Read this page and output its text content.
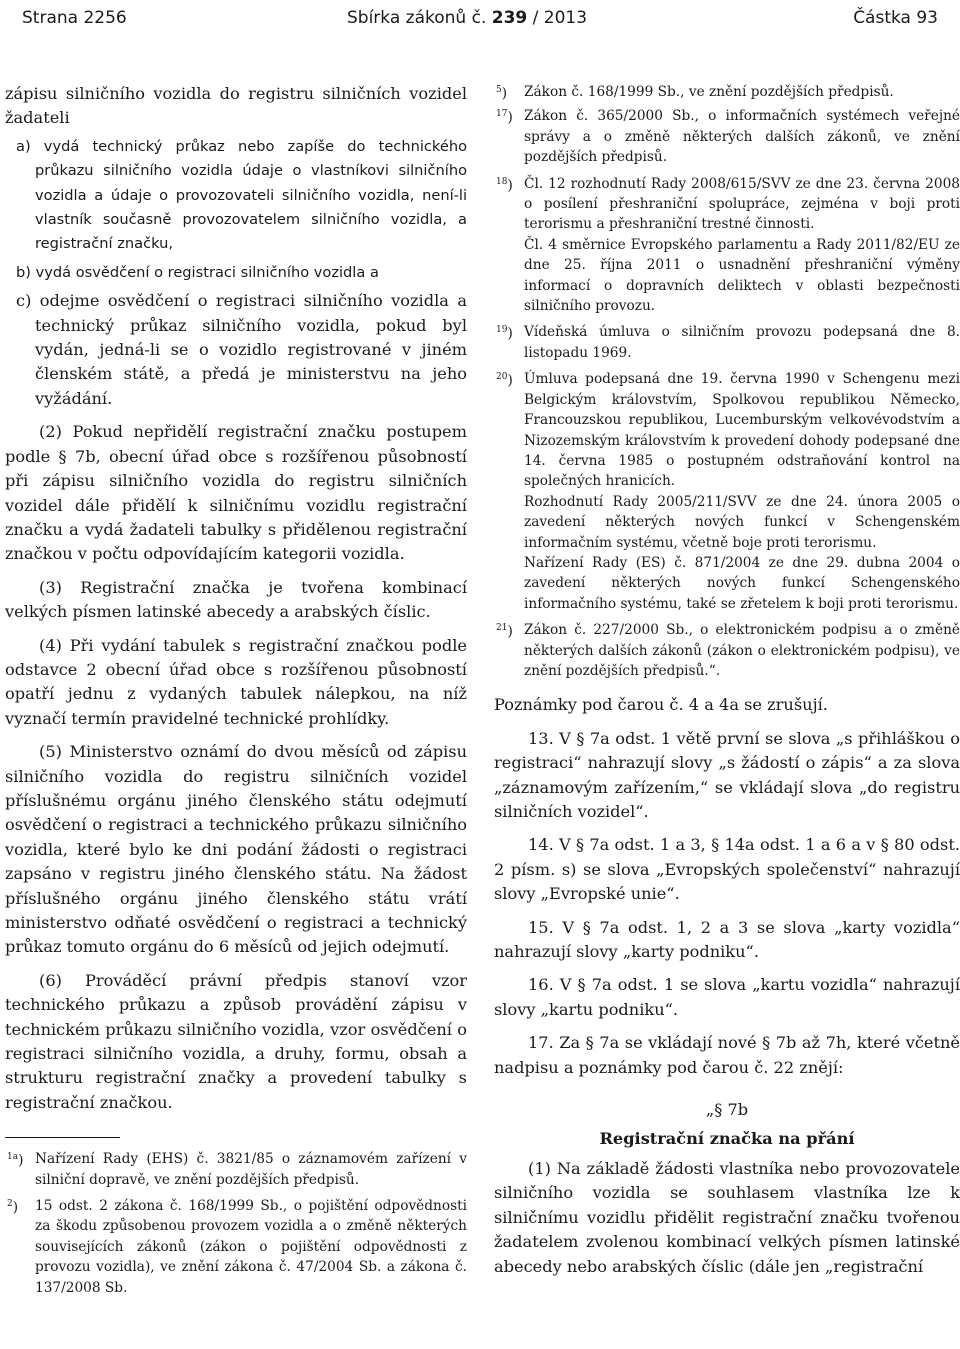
Strana 2256	Sbírka zákonů č. 239 / 2013	Částka 93

zápisu silničního vozidla do registru silničních vozidel žadateli

a) vydá technický průkaz nebo zapíše do technického průkazu silničního vozidla údaje o vlastníkovi silničního vozidla a údaje o provozovateli silničního vozidla, není-li vlastník současně provozovatelem silničního vozidla, a registrační značku,

b) vydá osvědčení o registraci silničního vozidla a

c) odejme osvědčení o registraci silničního vozidla a technický průkaz silničního vozidla, pokud byl vydán, jedná-li se o vozidlo registrované v jiném členském státě, a předá je ministerstvu na jeho vyžádání.

(2) Pokud nepřidělí registrační značku postupem podle § 7b, obecní úřad obce s rozšířenou působností při zápisu silničního vozidla do registru silničních vozidel dále přidělí k silničnímu vozidlu registrační značku a vydá žadateli tabulky s přidělenou registrační značkou v počtu odpovídajícím kategorii vozidla.

(3) Registrační značka je tvořena kombinací velkých písmen latinské abecedy a arabských číslic.

(4) Při vydání tabulek s registrační značkou podle odstavce 2 obecní úřad obce s rozšířenou působností opatří jednu z vydaných tabulek nálepkou, na níž vyznačí termín pravidelné technické prohlídky.

(5) Ministerstvo oznámí do dvou měsíců od zápisu silničního vozidla do registru silničních vozidel příslušnému orgánu jiného členského státu odejmutí osvědčení o registraci a technického průkazu silničního vozidla, které bylo ke dni podání žádosti o registraci zapsáno v registru jiného členského státu. Na žádost příslušného orgánu jiného členského státu vrátí ministerstvo odňaté osvědčení o registraci a technický průkaz tomuto orgánu do 6 měsíců od jejich odejmutí.

(6) Prováděcí právní předpis stanoví vzor technického průkazu a způsob provádění zápisu v technickém průkazu silničního vozidla, vzor osvědčení o registraci silničního vozidla, a druhy, formu, obsah a strukturu registrační značky a provedení tabulky s registrační značkou.

$^{1a}$) Nařízení Rady (EHS) č. 3821/85 o záznamovém zařízení v silniční dopravě, ve znění pozdějších předpisů.
$^2$) 15 odst. 2 zákona č. 168/1999 Sb., o pojištění odpovědnosti za škodu způsobenou provozem vozidla a o změně některých souvisejících zákonů (zákon o pojištění odpovědnosti z provozu vozidla), ve znění zákona č. 47/2004 Sb. a zákona č. 137/2008 Sb.
$^5$) Zákon č. 168/1999 Sb., ve znění pozdějších předpisů.
$^{17}$) Zákon č. 365/2000 Sb., o informačních systémech veřejné správy a o změně některých dalších zákonů, ve znění pozdějších předpisů.
$^{18}$) Čl. 12 rozhodnutí Rady 2008/615/SVV ze dne 23. června 2008 o posílení přeshraniční spolupráce, zejména v boji proti terorismu a přeshraniční trestné činnosti.

Čl. 4 směrnice Evropského parlamentu a Rady 2011/82/EU ze dne 25. října 2011 o usnadnění přeshraniční výměny informací o dopravních deliktech v oblasti bezpečnosti silničního provozu.

$^{19}$) Vídeňská úmluva o silničním provozu podepsaná dne 8. listopadu 1969.
$^{20}$) Úmluva podepsaná dne 19. června 1990 v Schengenu mezi Belgickým královstvím, Spolkovou republikou Německo, Francouzskou republikou, Lucemburským velkovévodstvím a Nizozemským královstvím k provedení dohody podepsané dne 14. června 1985 o postupném odstraňování kontrol na společných hranicích.

Rozhodnutí Rady 2005/211/SVV ze dne 24. února 2005 o zavedení některých nových funkcí v Schengenském informačním systému, včetně boje proti terorismu.

Nařízení Rady (ES) č. 871/2004 ze dne 29. dubna 2004 o zavedení některých nových funkcí Schengenského informačního systému, také se zřetelem k boji proti terorismu.

$^{21}$) Zákon č. 227/2000 Sb., o elektronickém podpisu a o změně některých dalších zákonů (zákon o elektronickém podpisu), ve znění pozdějších předpisů.“.

Poznámky pod čarou č. 4 a 4a se zrušují.

13. V § 7a odst. 1 větě první se slova „s přihláškou o registraci“ nahrazují slovy „s žádostí o zápis“ a za slova „záznamovým zařízením,“ se vkládají slova „do registru silničních vozidel“.

14. V § 7a odst. 1 a 3, § 14a odst. 1 a 6 a v § 80 odst. 2 písm. s) se slova „Evropských společenství“ nahrazují slovy „Evropské unie“.

15. V § 7a odst. 1, 2 a 3 se slova „karty vozidla“ nahrazují slovy „karty podniku“.

16. V § 7a odst. 1 se slova „kartu vozidla“ nahrazují slovy „kartu podniku“.

17. Za § 7a se vkládají nové § 7b až 7h, které včetně nadpisu a poznámky pod čarou č. 22 znějí:

„§ 7b

Registrační značka na přání

(1) Na základě žádosti vlastníka nebo provozovatele silničního vozidla se souhlasem vlastníka lze k silničnímu vozidlu přidělit registrační značku tvořenou žadatelem zvolenou kombinací velkých písmen latinské abecedy nebo arabských číslic (dále jen „registrační
